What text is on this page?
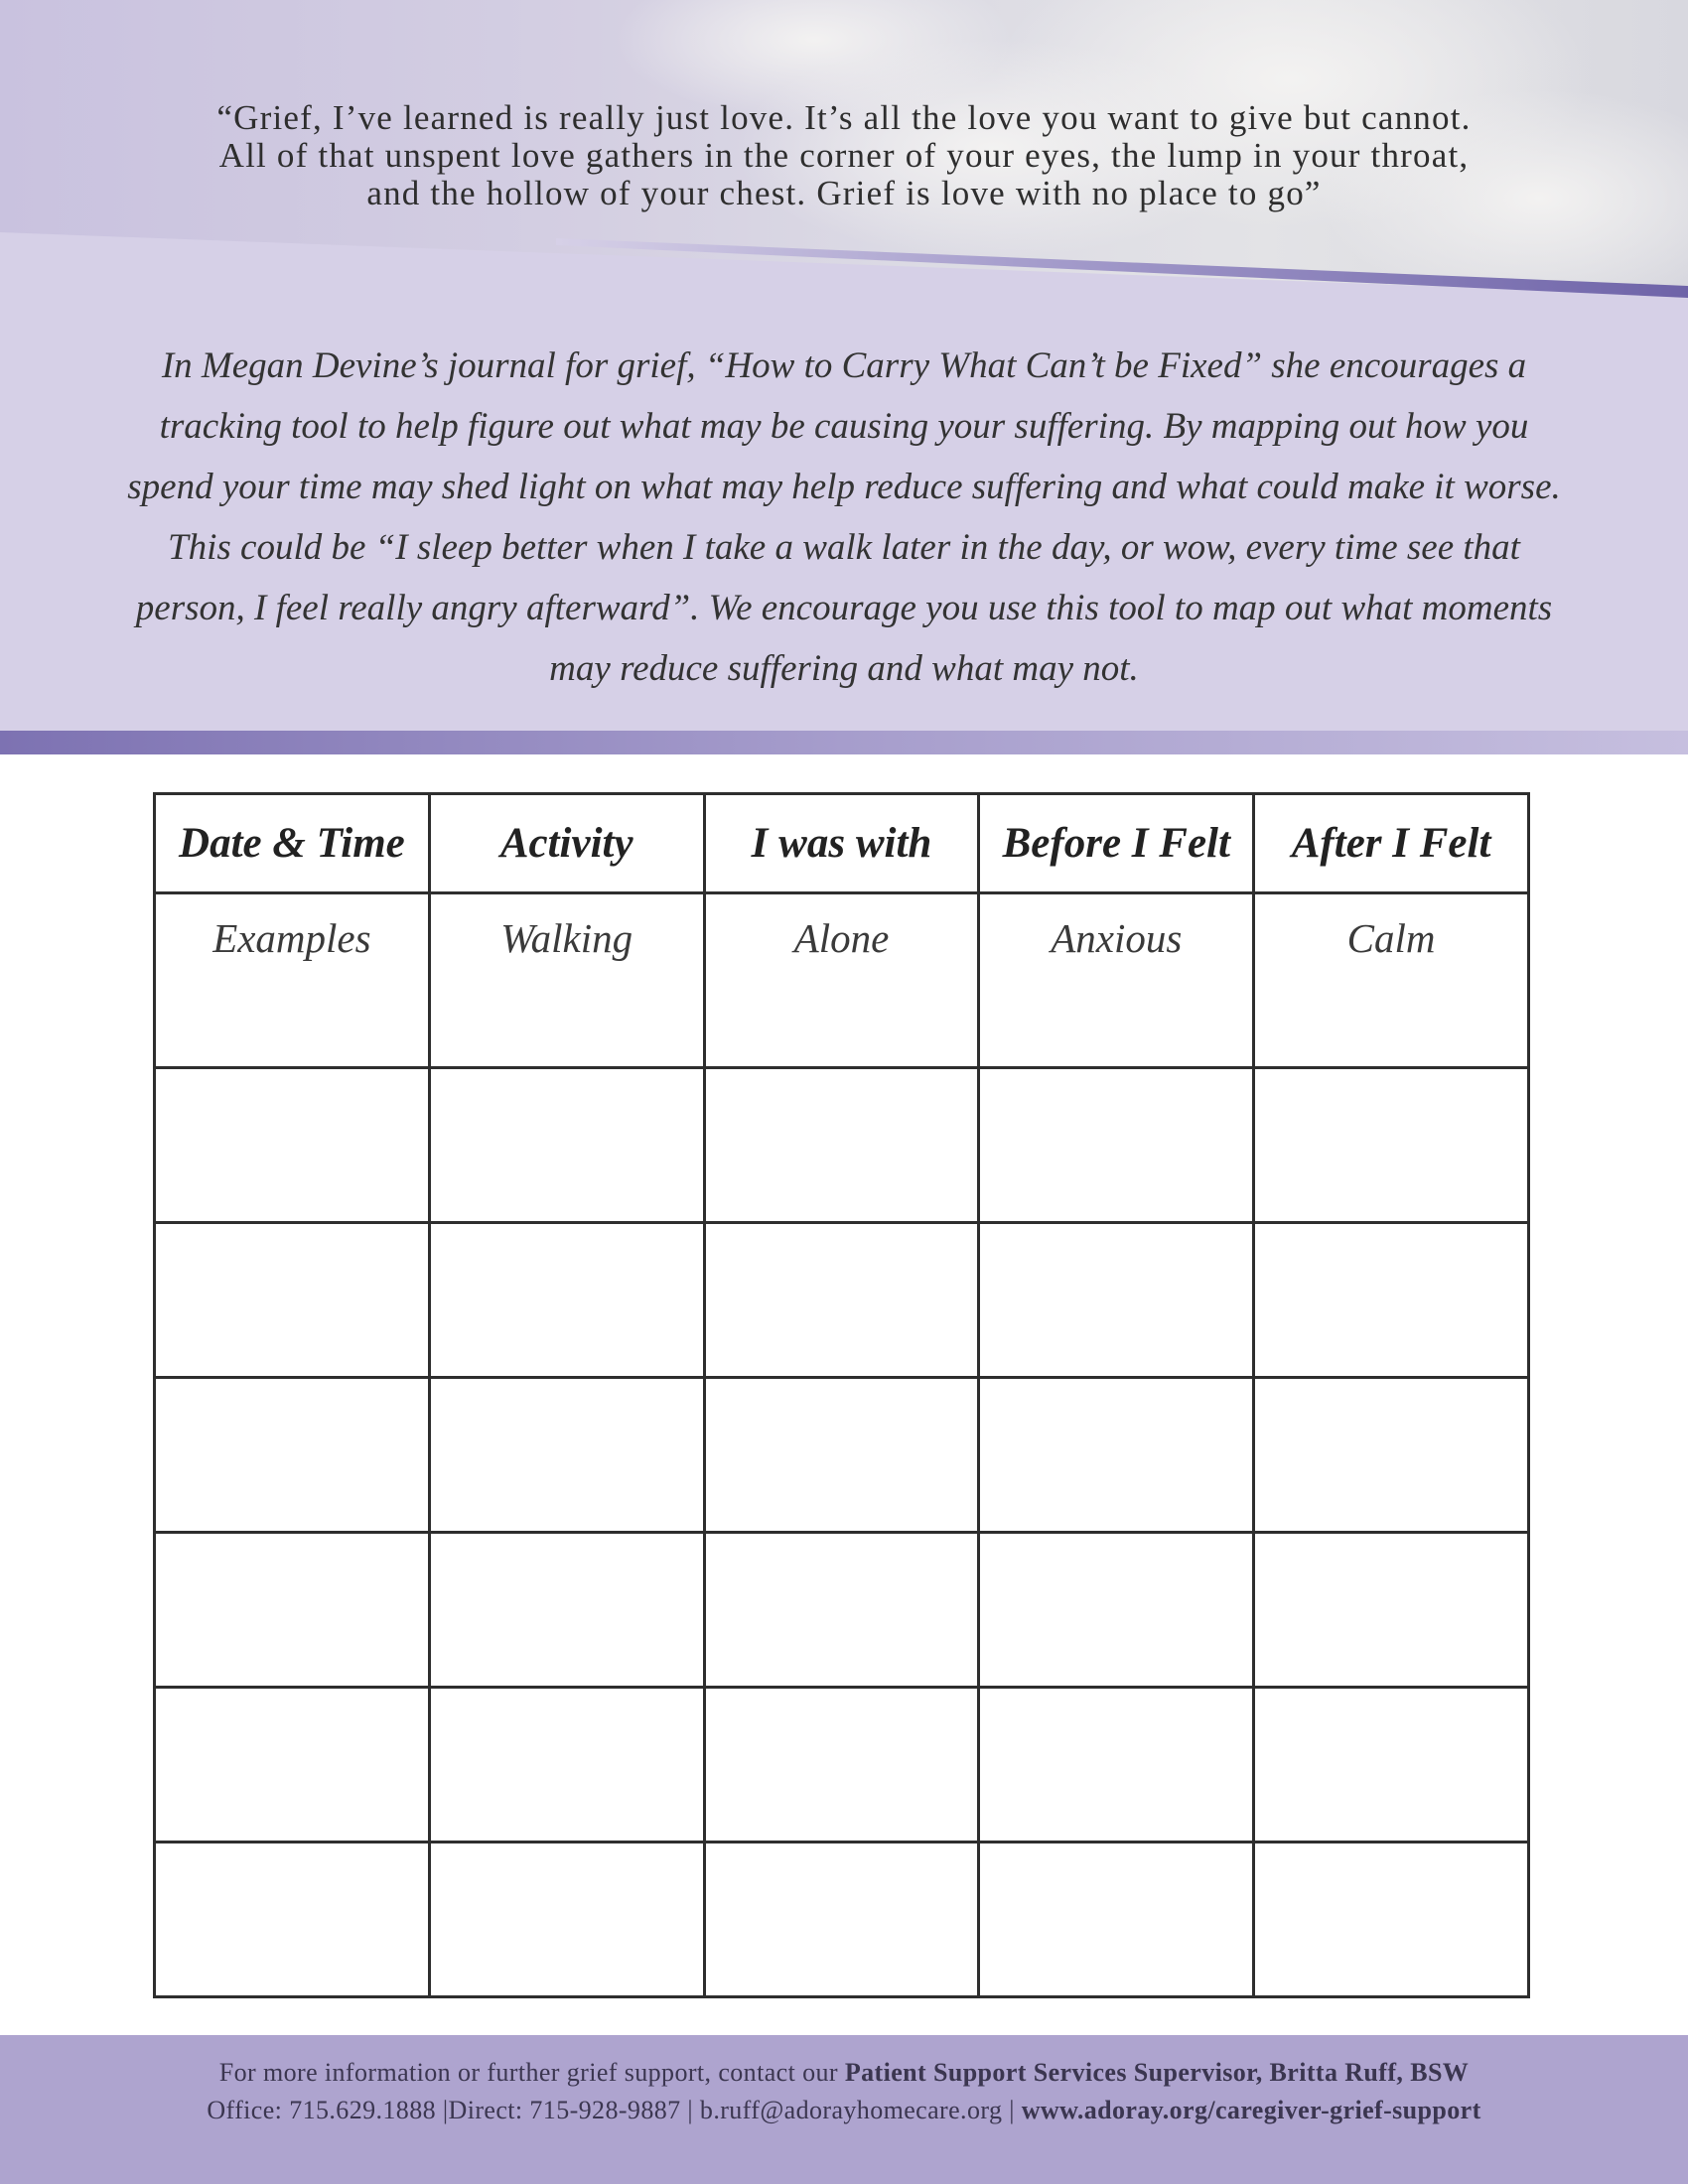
“Grief, I’ve learned is really just love. It’s all the love you want to give but cannot.
All of that unspent love gathers in the corner of your eyes, the lump in your throat,
and the hollow of your chest. Grief is love with no place to go”
In Megan Devine’s journal for grief, “How to Carry What Can’t be Fixed” she encourages a
tracking tool to help figure out what may be causing your suffering. By mapping out how you
spend your time may shed light on what may help reduce suffering and what could make it worse.
This could be “I sleep better when I take a walk later in the day, or wow, every time see that
person, I feel really angry afterward”. We encourage you use this tool to map out what moments
may reduce suffering and what may not.
Date & Time	Activity	I was with	Before I Felt	After I Felt
Examples	Walking	Alone	Anxious	Calm

For more information or further grief support, contact our Patient Support Services Supervisor, Britta Ruff, BSW
Office: 715.629.1888 |Direct: 715-928-9887 | b.ruff@adorayhomecare.org | www.adoray.org/caregiver-grief-support
